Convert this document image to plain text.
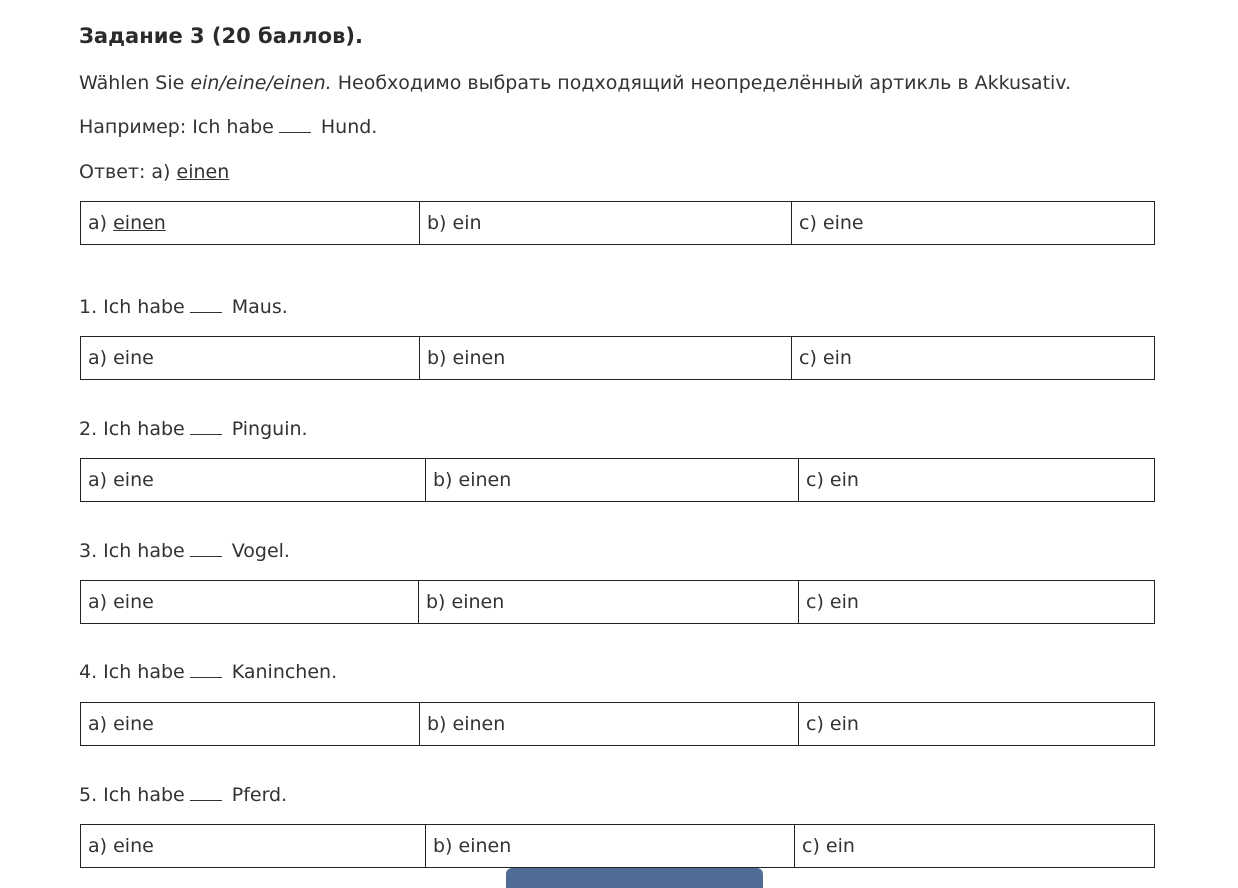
Задание 3 (20 баллов).
Wählen Sie ein/eine/einen. Необходимо выбрать подходящий неопределённый артикль в Akkusativ.
Например: Ich habe Hund.
Ответ: а) einen
a) einen	b) ein	c) eine
1. Ich habe Maus.
a) eine	b) einen	c) ein
2. Ich habe Pinguin.
a) eine	b) einen	c) ein
3. Ich habe Vogel.
a) eine	b) einen	c) ein
4. Ich habe Kaninchen.
a) eine	b) einen	c) ein
5. Ich habe Pferd.
a) eine	b) einen	c) ein
